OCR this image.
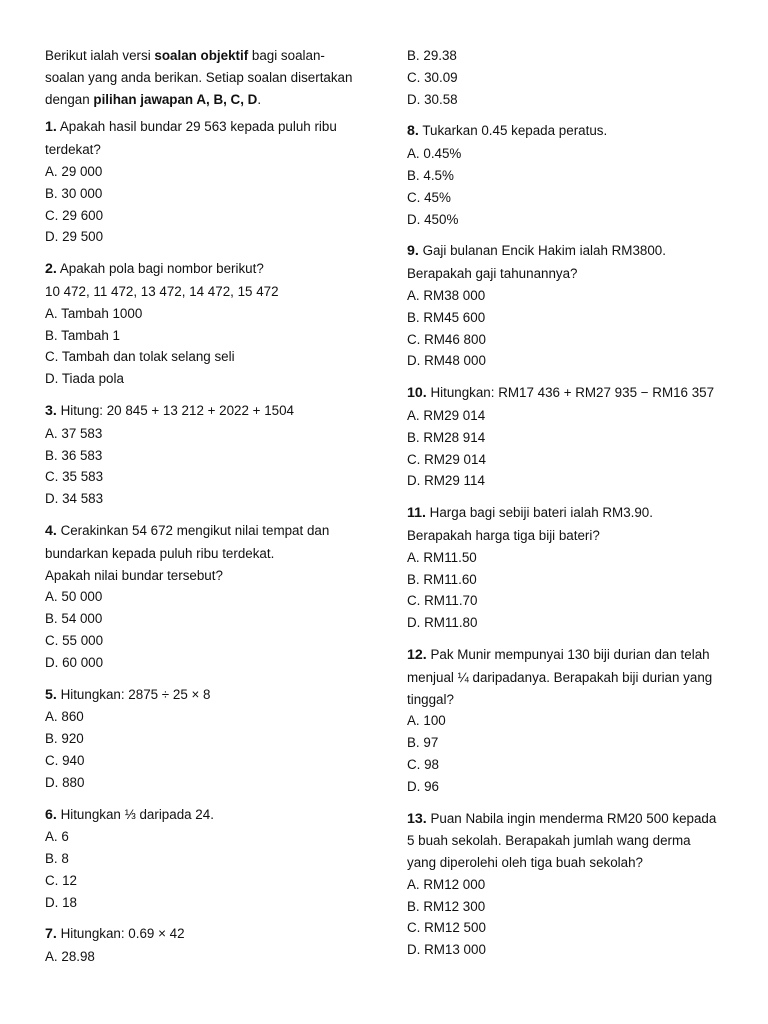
Berikut ialah versi soalan objektif bagi soalan-
soalan yang anda berikan. Setiap soalan disertakan
dengan pilihan jawapan A, B, C, D.
1. Apakah hasil bundar 29 563 kepada puluh ribu
terdekat?
A. 29 000
B. 30 000
C. 29 600
D. 29 500
2. Apakah pola bagi nombor berikut?
10 472, 11 472, 13 472, 14 472, 15 472
A. Tambah 1000
B. Tambah 1
C. Tambah dan tolak selang seli
D. Tiada pola
3. Hitung: 20 845 + 13 212 + 2022 + 1504
A. 37 583
B. 36 583
C. 35 583
D. 34 583
4. Cerakinkan 54 672 mengikut nilai tempat dan
bundarkan kepada puluh ribu terdekat.
Apakah nilai bundar tersebut?
A. 50 000
B. 54 000
C. 55 000
D. 60 000
5. Hitungkan: 2875 ÷ 25 × 8
A. 860
B. 920
C. 940
D. 880
6. Hitungkan ⅓ daripada 24.
A. 6
B. 8
C. 12
D. 18
7. Hitungkan: 0.69 × 42
A. 28.98
B. 29.38
C. 30.09
D. 30.58
8. Tukarkan 0.45 kepada peratus.
A. 0.45%
B. 4.5%
C. 45%
D. 450%
9. Gaji bulanan Encik Hakim ialah RM3800.
Berapakah gaji tahunannya?
A. RM38 000
B. RM45 600
C. RM46 800
D. RM48 000
10. Hitungkan: RM17 436 + RM27 935 − RM16 357
A. RM29 014
B. RM28 914
C. RM29 014
D. RM29 114
11. Harga bagi sebiji bateri ialah RM3.90.
Berapakah harga tiga biji bateri?
A. RM11.50
B. RM11.60
C. RM11.70
D. RM11.80
12. Pak Munir mempunyai 130 biji durian dan telah
menjual ¼ daripadanya. Berapakah biji durian yang
tinggal?
A. 100
B. 97
C. 98
D. 96
13. Puan Nabila ingin menderma RM20 500 kepada
5 buah sekolah. Berapakah jumlah wang derma
yang diperolehi oleh tiga buah sekolah?
A. RM12 000
B. RM12 300
C. RM12 500
D. RM13 000
